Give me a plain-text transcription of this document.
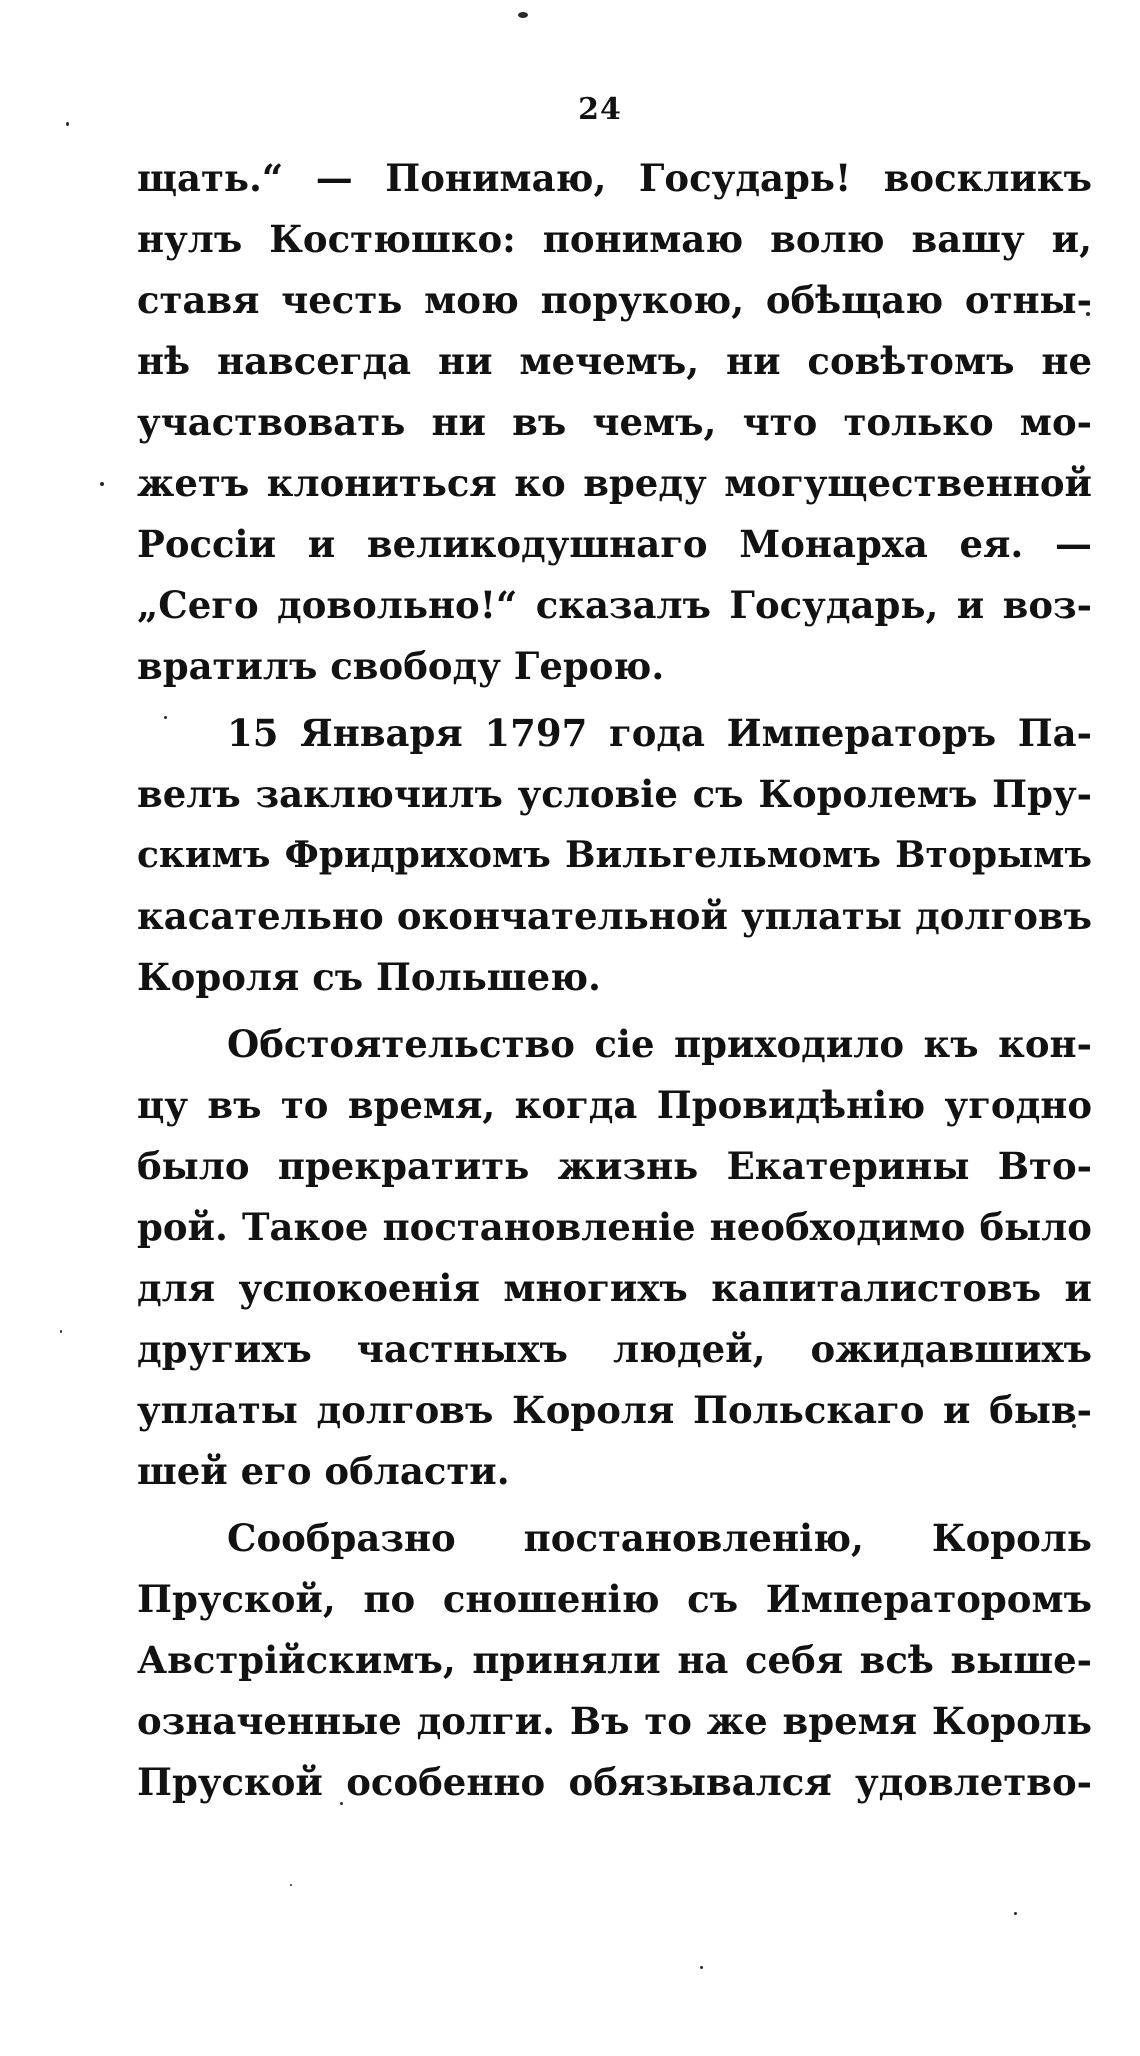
24
щать.“ — Понимаю, Государь! воскликъ
нулъ Костюшко: понимаю волю вашу и,
ставя честь мою порукою, обѣщаю отны-
нѣ навсегда ни мечемъ, ни совѣтомъ не
участвовать ни въ чемъ, что только мо-
жетъ клониться ко вреду могущественной
Россіи и великодушнаго Монарха ея. —
„Сего довольно!“ сказалъ Государь, и воз-
вратилъ свободу Герою.
15 Января 1797 года Императоръ Па-
велъ заключилъ условіе съ Королемъ Пру-
скимъ Фридрихомъ Вильгельмомъ Вторымъ
касательно окончательной уплаты долговъ
Короля съ Польшею.
Обстоятельство сіе приходило къ кон-
цу въ то время, когда Провидѣнію угодно
было прекратить жизнь Екатерины Вто-
рой. Такое постановленіе необходимо было
для успокоенія многихъ капиталистовъ и
другихъ частныхъ людей, ожидавшихъ
уплаты долговъ Короля Польскаго и быв-
шей его области.
Сообразно постановленію, Король
Пруской, по сношенію съ Императоромъ
Австрійскимъ, приняли на себя всѣ выше-
означенные долги. Въ то же время Король
Пруской особенно обязывался удовлетво-
